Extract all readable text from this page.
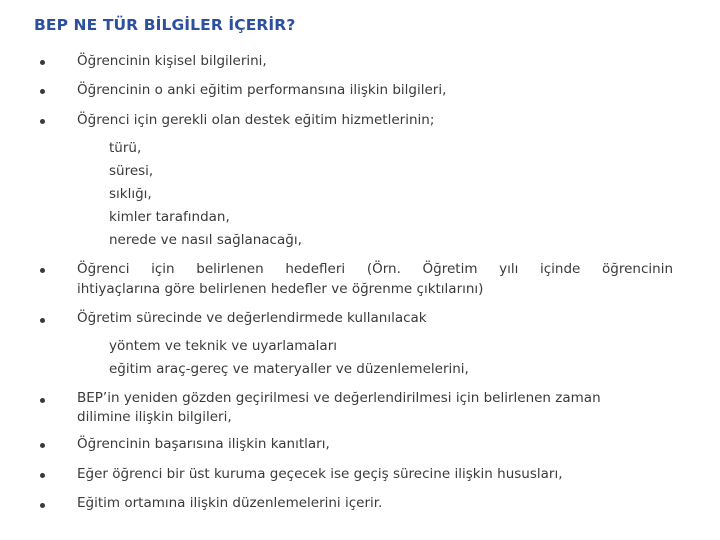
BEP NE TÜR BİLGİLER İÇERİR?
Öğrencinin kişisel bilgilerini,
Öğrencinin o anki eğitim performansına ilişkin bilgileri,
Öğrenci için gerekli olan destek eğitim hizmetlerinin;
türü,
süresi,
sıklığı,
kimler tarafından,
nerede ve nasıl sağlanacağı,
Öğrenci için belirlenen hedefleri (Örn. Öğretim yılı içinde öğrencinin
ihtiyaçlarına göre belirlenen hedefler ve öğrenme çıktılarını)
Öğretim sürecinde ve değerlendirmede kullanılacak
yöntem ve teknik ve uyarlamaları
eğitim araç-gereç ve materyaller ve düzenlemelerini,
BEP’in yeniden gözden geçirilmesi ve değerlendirilmesi için belirlenen zaman
dilimine ilişkin bilgileri,
Öğrencinin başarısına ilişkin kanıtları,
Eğer öğrenci bir üst kuruma geçecek ise geçiş sürecine ilişkin hususları,
Eğitim ortamına ilişkin düzenlemelerini içerir.
